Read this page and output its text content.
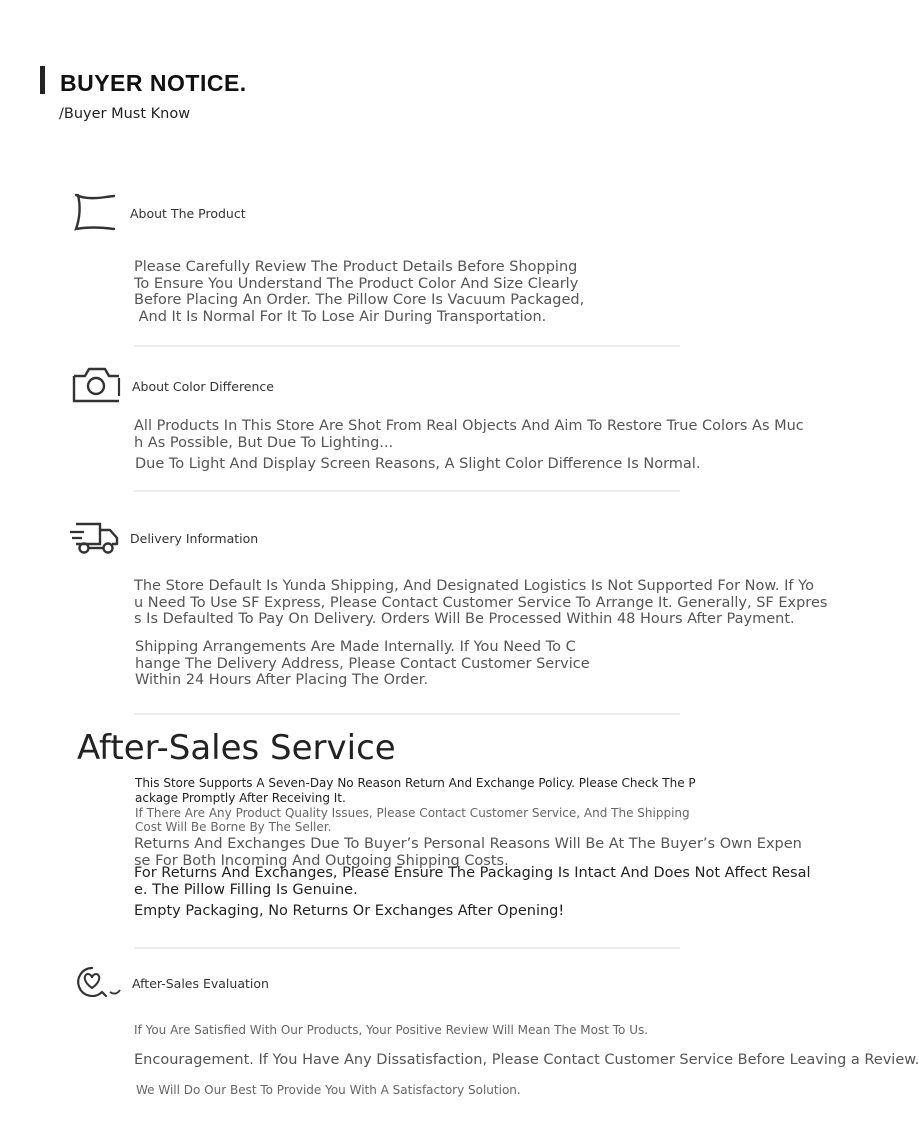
BUYER NOTICE.
/Buyer Must Know
About The Product
Please Carefully Review The Product Details Before Shopping
To Ensure You Understand The Product Color And Size Clearly
Before Placing An Order. The Pillow Core Is Vacuum Packaged,
And It Is Normal For It To Lose Air During Transportation.
About Color Difference
All Products In This Store Are Shot From Real Objects And Aim To Restore True Colors As Muc
h As Possible, But Due To Lighting...
Due To Light And Display Screen Reasons, A Slight Color Difference Is Normal.
Delivery Information
The Store Default Is Yunda Shipping, And Designated Logistics Is Not Supported For Now. If Yo
u Need To Use SF Express, Please Contact Customer Service To Arrange It. Generally, SF Expres
s Is Defaulted To Pay On Delivery. Orders Will Be Processed Within 48 Hours After Payment.
Shipping Arrangements Are Made Internally. If You Need To C
hange The Delivery Address, Please Contact Customer Service
Within 24 Hours After Placing The Order.
After-Sales Service
This Store Supports A Seven-Day No Reason Return And Exchange Policy. Please Check The P
ackage Promptly After Receiving It.
If There Are Any Product Quality Issues, Please Contact Customer Service, And The Shipping
Cost Will Be Borne By The Seller.
Returns And Exchanges Due To Buyer’s Personal Reasons Will Be At The Buyer’s Own Expen
se For Both Incoming And Outgoing Shipping Costs.
For Returns And Exchanges, Please Ensure The Packaging Is Intact And Does Not Affect Resal
e. The Pillow Filling Is Genuine.
Empty Packaging, No Returns Or Exchanges After Opening!
After-Sales Evaluation
If You Are Satisfied With Our Products, Your Positive Review Will Mean The Most To Us.
Encouragement. If You Have Any Dissatisfaction, Please Contact Customer Service Before Leaving a Review.
We Will Do Our Best To Provide You With A Satisfactory Solution.
